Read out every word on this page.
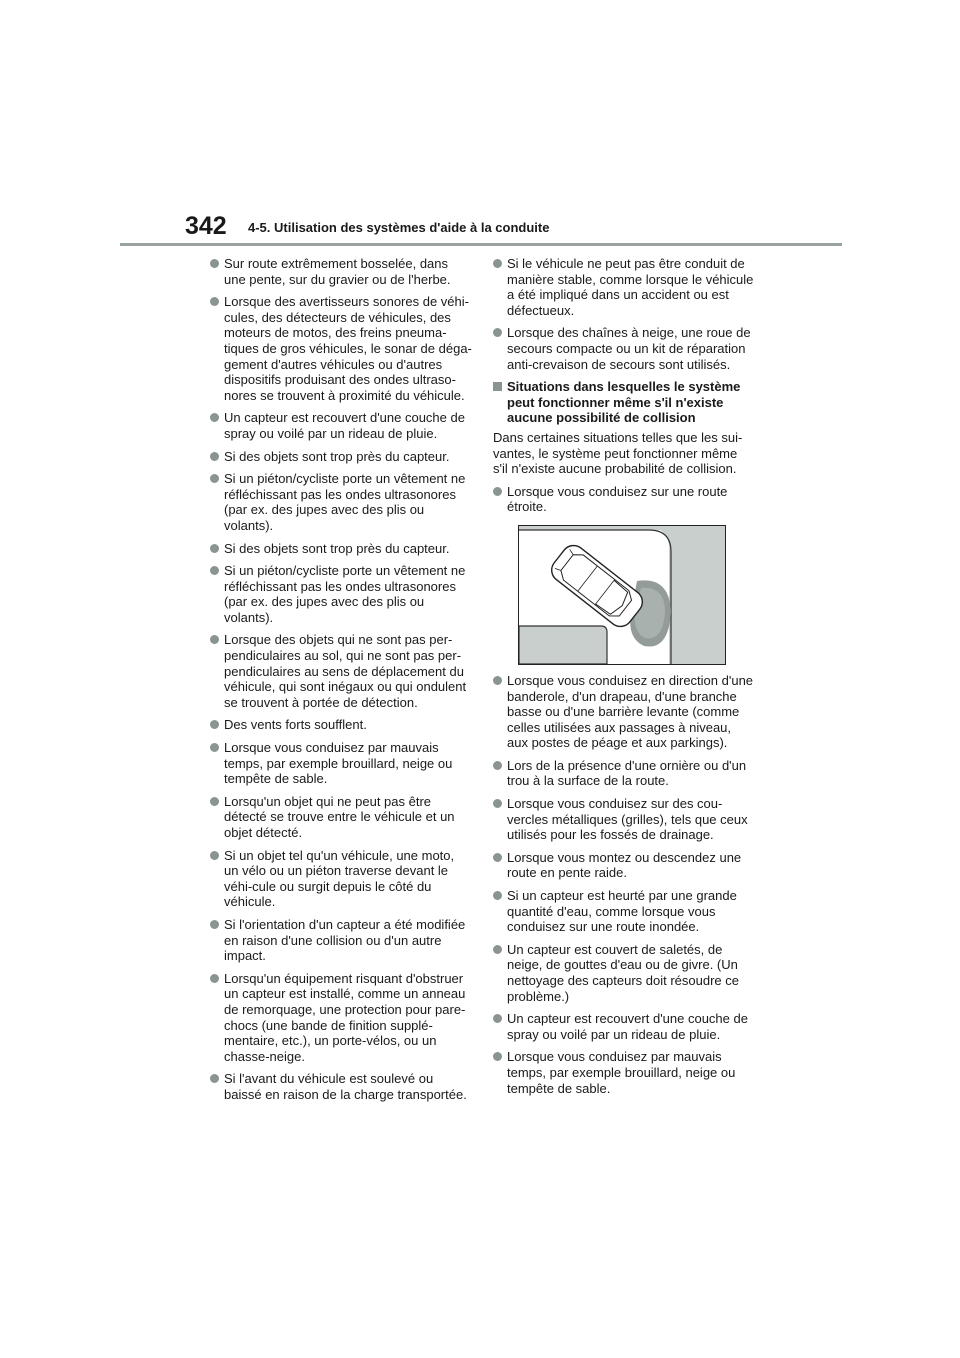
342 4-5. Utilisation des systèmes d'aide à la conduite
Sur route extrêmement bosselée, dans une pente, sur du gravier ou de l'herbe.
Lorsque des avertisseurs sonores de véhi-cules, des détecteurs de véhicules, des moteurs de motos, des freins pneuma-tiques de gros véhicules, le sonar de déga-gement d'autres véhicules ou d'autres dispositifs produisant des ondes ultraso-nores se trouvent à proximité du véhicule.
Un capteur est recouvert d'une couche de spray ou voilé par un rideau de pluie.
Si des objets sont trop près du capteur.
Si un piéton/cycliste porte un vêtement ne réfléchissant pas les ondes ultrasonores (par ex. des jupes avec des plis ou volants).
Si des objets sont trop près du capteur.
Si un piéton/cycliste porte un vêtement ne réfléchissant pas les ondes ultrasonores (par ex. des jupes avec des plis ou volants).
Lorsque des objets qui ne sont pas per-pendiculaires au sol, qui ne sont pas per-pendiculaires au sens de déplacement du véhicule, qui sont inégaux ou qui ondulent se trouvent à portée de détection.
Des vents forts soufflent.
Lorsque vous conduisez par mauvais temps, par exemple brouillard, neige ou tempête de sable.
Lorsqu'un objet qui ne peut pas être détecté se trouve entre le véhicule et un objet détecté.
Si un objet tel qu'un véhicule, une moto, un vélo ou un piéton traverse devant le véhi-cule ou surgit depuis le côté du véhicule.
Si l'orientation d'un capteur a été modifiée en raison d'une collision ou d'un autre impact.
Lorsqu'un équipement risquant d'obstruer un capteur est installé, comme un anneau de remorquage, une protection pour pare-chocs (une bande de finition supplé-mentaire, etc.), un porte-vélos, ou un chasse-neige.
Si l'avant du véhicule est soulevé ou baissé en raison de la charge transportée.
Si le véhicule ne peut pas être conduit de manière stable, comme lorsque le véhicule a été impliqué dans un accident ou est défectueux.
Lorsque des chaînes à neige, une roue de secours compacte ou un kit de réparation anti-crevaison de secours sont utilisés.
Situations dans lesquelles le système peut fonctionner même s'il n'existe aucune possibilité de collision
Dans certaines situations telles que les sui-vantes, le système peut fonctionner même s'il n'existe aucune probabilité de collision.
Lorsque vous conduisez sur une route étroite.
Lorsque vous conduisez en direction d'une banderole, d'un drapeau, d'une branche basse ou d'une barrière levante (comme celles utilisées aux passages à niveau, aux postes de péage et aux parkings).
Lors de la présence d'une ornière ou d'un trou à la surface de la route.
Lorsque vous conduisez sur des cou-vercles métalliques (grilles), tels que ceux utilisés pour les fossés de drainage.
Lorsque vous montez ou descendez une route en pente raide.
Si un capteur est heurté par une grande quantité d'eau, comme lorsque vous conduisez sur une route inondée.
Un capteur est couvert de saletés, de neige, de gouttes d'eau ou de givre. (Un nettoyage des capteurs doit résoudre ce problème.)
Un capteur est recouvert d'une couche de spray ou voilé par un rideau de pluie.
Lorsque vous conduisez par mauvais temps, par exemple brouillard, neige ou tempête de sable.
